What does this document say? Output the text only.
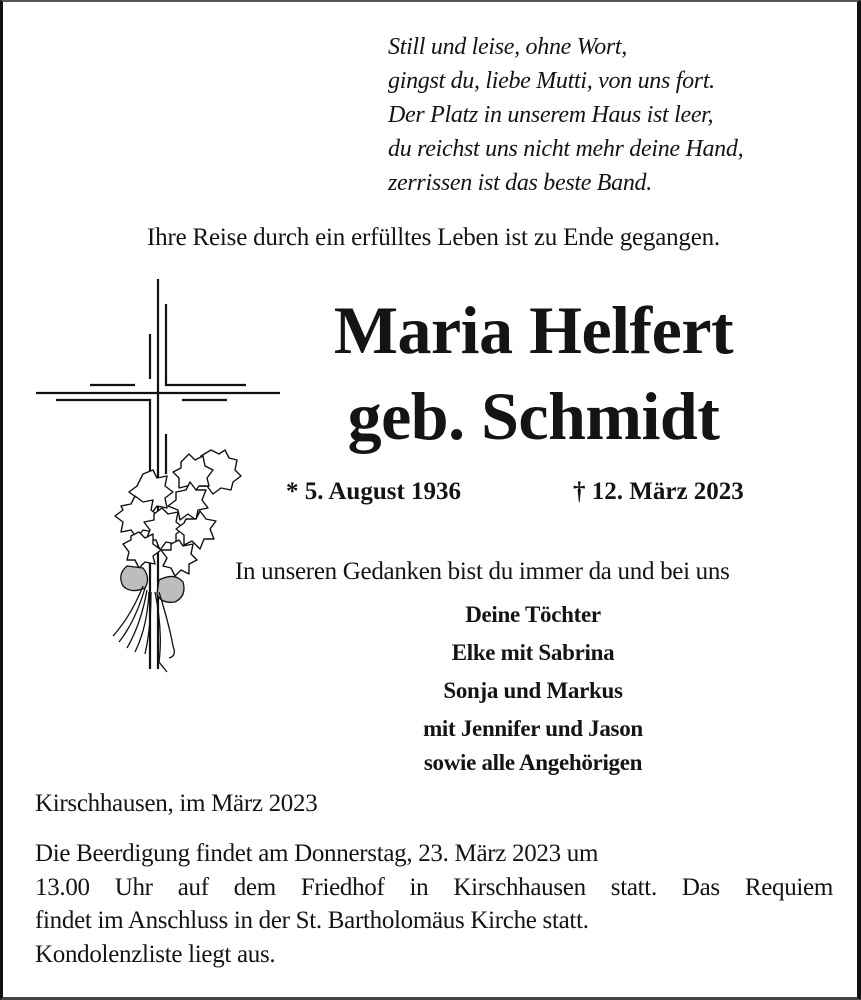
Still und leise, ohne Wort,
gingst du, liebe Mutti, von uns fort.
Der Platz in unserem Haus ist leer,
du reichst uns nicht mehr deine Hand,
zerrissen ist das beste Band.
Ihre Reise durch ein erfülltes Leben ist zu Ende gegangen.
Maria Helfert
geb. Schmidt
* 5. August 1936	† 12. März 2023
In unseren Gedanken bist du immer da und bei uns
Deine Töchter
Elke mit Sabrina
Sonja und Markus
mit Jennifer und Jason
sowie alle Angehörigen
Kirschhausen, im März 2023
Die Beerdigung findet am Donnerstag, 23. März 2023 um
13.00 Uhr auf dem Friedhof in Kirschhausen statt. Das Requiem
findet im Anschluss in der St. Bartholomäus Kirche statt.
Kondolenzliste liegt aus.
